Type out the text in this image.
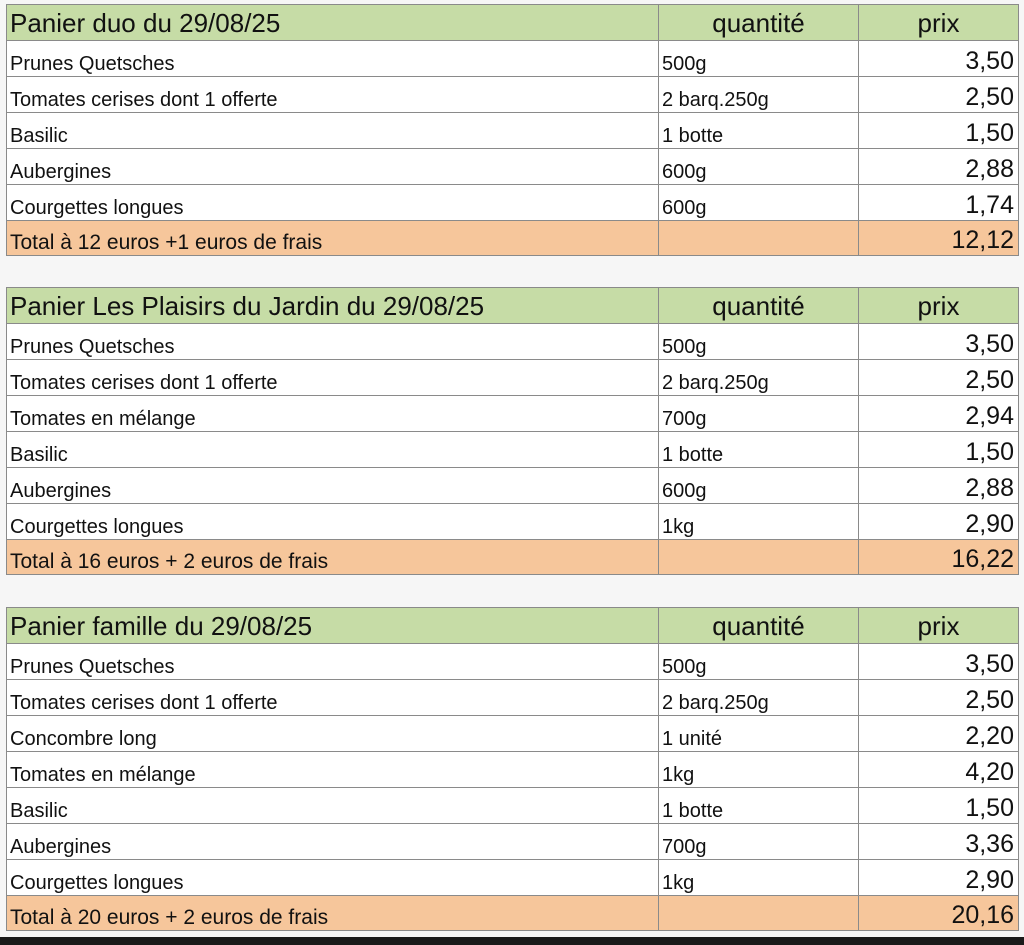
Panier duo du 29/08/25	quantité	prix
Prunes Quetsches	500g	3,50
Tomates cerises dont 1 offerte	2 barq.250g	2,50
Basilic	1 botte	1,50
Aubergines	600g	2,88
Courgettes longues	600g	1,74
Total à 12 euros +1 euros de frais		12,12
Panier Les Plaisirs du Jardin du 29/08/25	quantité	prix
Prunes Quetsches	500g	3,50
Tomates cerises dont 1 offerte	2 barq.250g	2,50
Tomates en mélange	700g	2,94
Basilic	1 botte	1,50
Aubergines	600g	2,88
Courgettes longues	1kg	2,90
Total à 16 euros + 2 euros de frais		16,22
Panier famille du 29/08/25	quantité	prix
Prunes Quetsches	500g	3,50
Tomates cerises dont 1 offerte	2 barq.250g	2,50
Concombre long	1 unité	2,20
Tomates en mélange	1kg	4,20
Basilic	1 botte	1,50
Aubergines	700g	3,36
Courgettes longues	1kg	2,90
Total à 20 euros + 2 euros de frais		20,16
